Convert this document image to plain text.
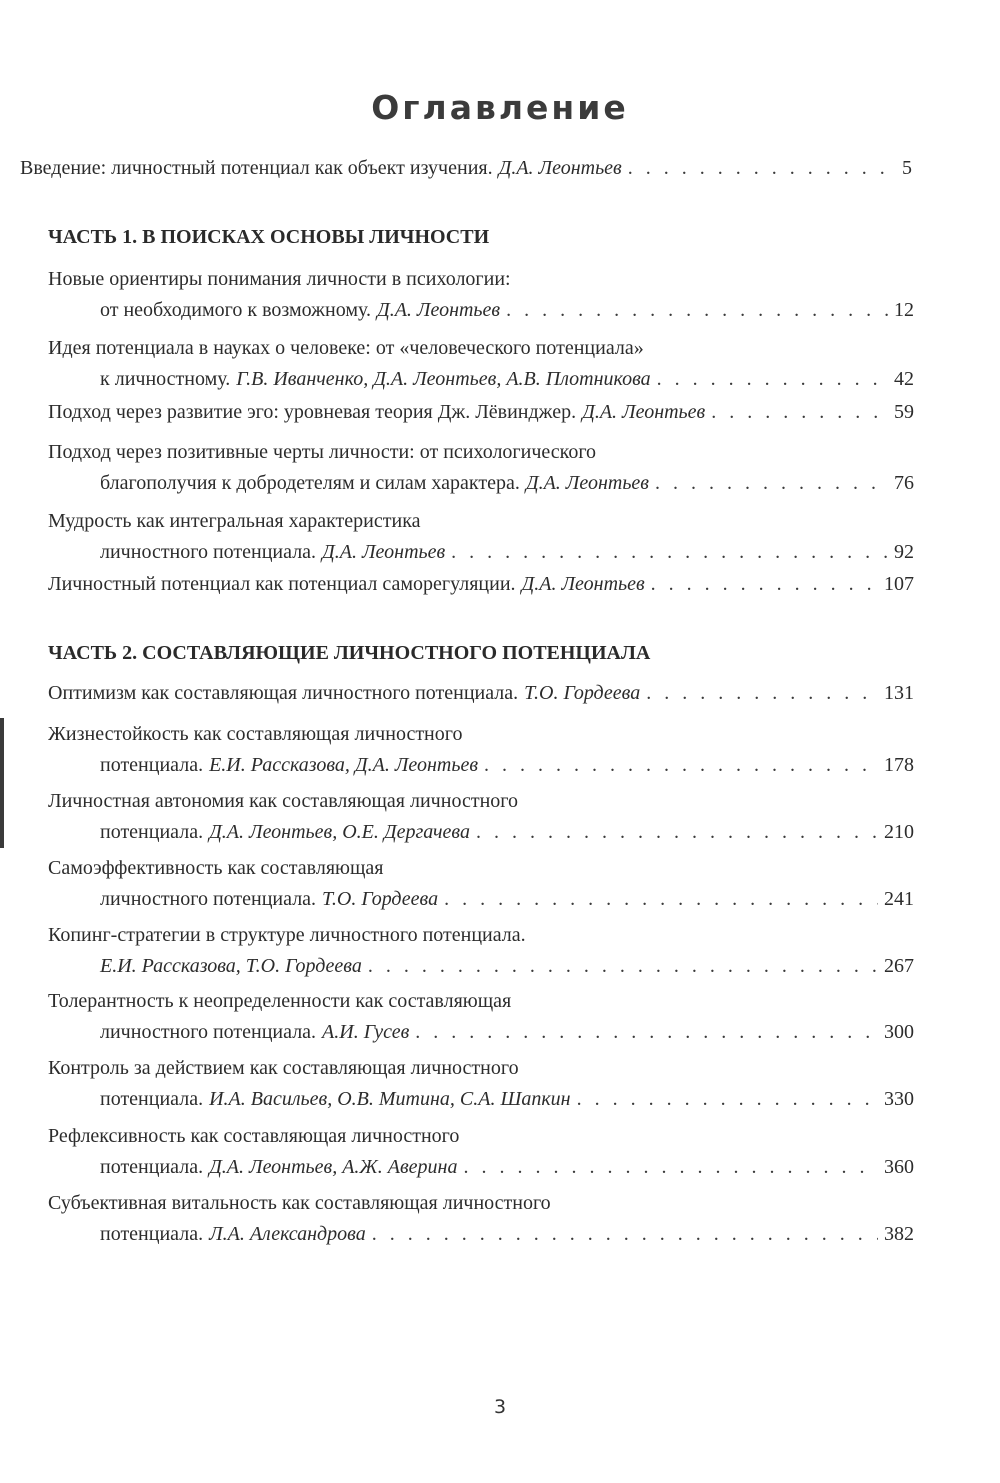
Оглавление
Введение: личностный потенциал как объект изучения. Д.А. Леонтьев . . .	5
ЧАСТЬ 1. В ПОИСКАХ ОСНОВЫ ЛИЧНОСТИ
Новые ориентиры понимания личности в психологии:
от необходимого к возможному. Д.А. Леонтьев . . .	12
Идея потенциала в науках о человеке: от «человеческого потенциала»
к личностному. Г.В. Иванченко, Д.А. Леонтьев, А.В. Плотникова . . .	42
Подход через развитие эго: уровневая теория Дж. Лёвинджер. Д.А. Леонтьев . . .	59
Подход через позитивные черты личности: от психологического
благополучия к добродетелям и силам характера. Д.А. Леонтьев . . .	76
Мудрость как интегральная характеристика
личностного потенциала. Д.А. Леонтьев . . .	92
Личностный потенциал как потенциал саморегуляции. Д.А. Леонтьев . . .	107
ЧАСТЬ 2. СОСТАВЛЯЮЩИЕ ЛИЧНОСТНОГО ПОТЕНЦИАЛА
Оптимизм как составляющая личностного потенциала. Т.О. Гордеева . . .	131
Жизнестойкость как составляющая личностного
потенциала. Е.И. Рассказова, Д.А. Леонтьев . . .	178
Личностная автономия как составляющая личностного
потенциала. Д.А. Леонтьев, О.Е. Дергачева . . .	210
Самоэффективность как составляющая
личностного потенциала. Т.О. Гордеева . . .	241
Копинг-стратегии в структуре личностного потенциала.
Е.И. Рассказова, Т.О. Гордеева . . .	267
Толерантность к неопределенности как составляющая
личностного потенциала. А.И. Гусев . . .	300
Контроль за действием как составляющая личностного
потенциала. И.А. Васильев, О.В. Митина, С.А. Шапкин . . .	330
Рефлексивность как составляющая личностного
потенциала. Д.А. Леонтьев, А.Ж. Аверина . . .	360
Субъективная витальность как составляющая личностного
потенциала. Л.А. Александрова . . .	382
3
